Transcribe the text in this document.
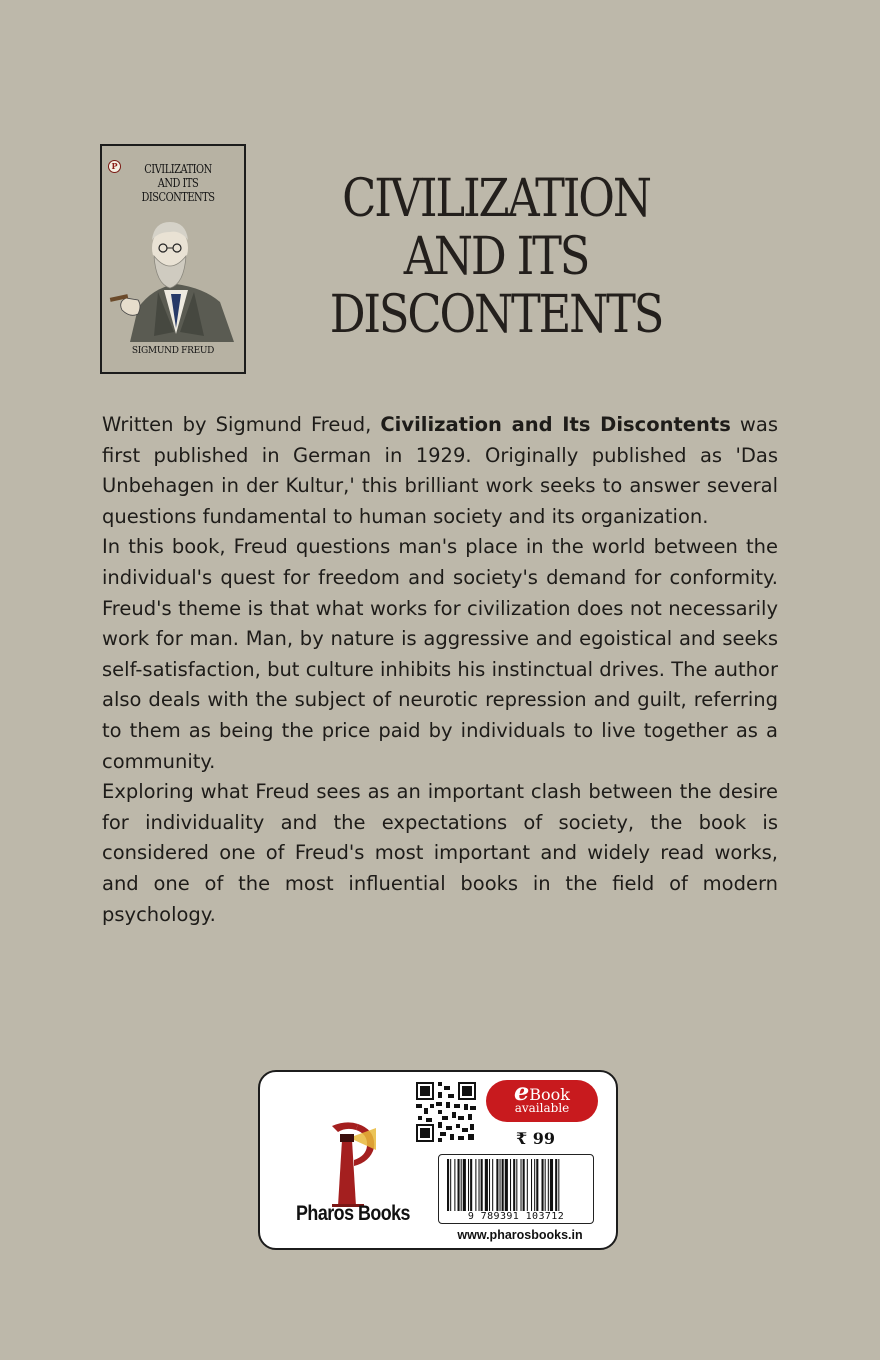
P	CIVILIZATION
AND ITS
DISCONTENTS
SIGMUND FREUD
CIVILIZATION
AND ITS
DISCONTENTS

Written by Sigmund Freud, Civilization and Its Discontents was first published in German in 1929. Originally published as 'Das Unbehagen in der Kultur,' this brilliant work seeks to answer several questions fundamental to human society and its organization.

In this book, Freud questions man's place in the world between the individual's quest for freedom and society's demand for conformity. Freud's theme is that what works for civilization does not necessarily work for man. Man, by nature is aggressive and egoistical and seeks self-satisfaction, but culture inhibits his instinctual drives. The author also deals with the subject of neurotic repression and guilt, referring to them as being the price paid by individuals to live together as a community.

Exploring what Freud sees as an important clash between the desire for individuality and the expectations of society, the book is considered one of Freud's most important and widely read works, and one of the most influential books in the field of modern psychology.

Pharos Books
eBook
available
₹ 99
9 789391 103712
www.pharosbooks.in
